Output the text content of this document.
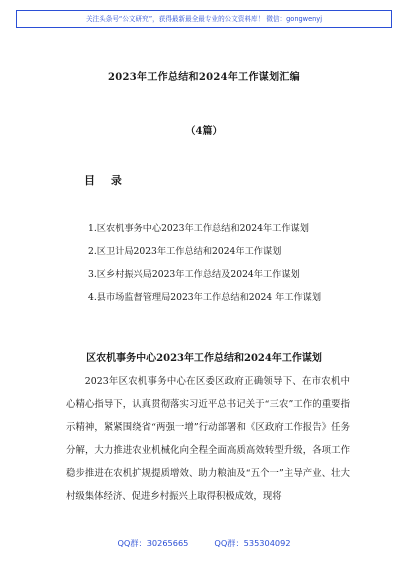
关注头条号“公文研究”，获得最新最全最专业的公文资料库！ 微信：gongwenyj
2023年工作总结和2024年工作谋划汇编
（4篇）
目 录
1.区农机事务中心2023年工作总结和2024年工作谋划
2.区卫计局2023年工作总结和2024年工作谋划
3.区乡村振兴局2023年工作总结及2024年工作谋划
4.县市场监督管理局2023年工作总结和2024 年工作谋划
区农机事务中心2023年工作总结和2024年工作谋划

2023年区农机事务中心在区委区政府正确领导下、在市农机中心精心指导下，认真贯彻落实习近平总书记关于“三农”工作的重要指示精神，紧紧围绕省“两强一增”行动部署和《区政府工作报告》任务分解，大力推进农业机械化向全程全面高质高效转型升级，各项工作稳步推进在农机扩规提质增效、助力粮油及“五个一”主导产业、壮大村级集体经济、促进乡村振兴上取得积极成效，现将

QQ群：30265665	QQ群：535304092
